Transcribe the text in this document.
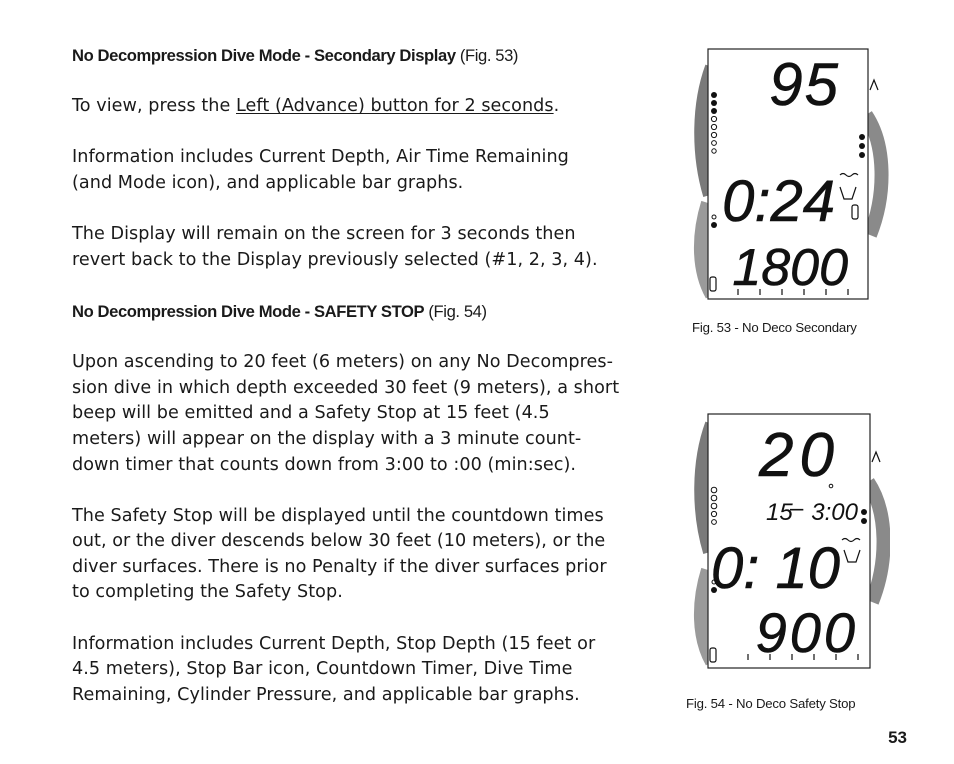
No Decompression Dive Mode - Secondary Display (Fig. 53)

To view, press the Left (Advance) button for 2 seconds.

Information includes Current Depth, Air Time Remaining
(and Mode icon), and applicable bar graphs.

The Display will remain on the screen for 3 seconds then
revert back to the Display previously selected (#1, 2, 3, 4).

No Decompression Dive Mode - SAFETY STOP (Fig. 54)

Upon ascending to 20 feet (6 meters) on any No Decompres-
sion dive in which depth exceeded 30 feet (9 meters), a short
beep will be emitted and a Safety Stop at 15 feet (4.5
meters) will appear on the display with a 3 minute count-
down timer that counts down from 3:00 to :00 (min:sec).

The Safety Stop will be displayed until the countdown times
out, or the diver descends below 30 feet (10 meters), or the
diver surfaces. There is no Penalty if the diver surfaces prior
to completing the Safety Stop.

Information includes Current Depth, Stop Depth (15 feet or
4.5 meters), Stop Bar icon, Countdown Timer, Dive Time
Remaining, Cylinder Pressure, and applicable bar graphs.

95
0:24
1800
Fig. 53 - No Deco Secondary
20
15
– 3:00
0: 10
900
Fig. 54 - No Deco Safety Stop
53
